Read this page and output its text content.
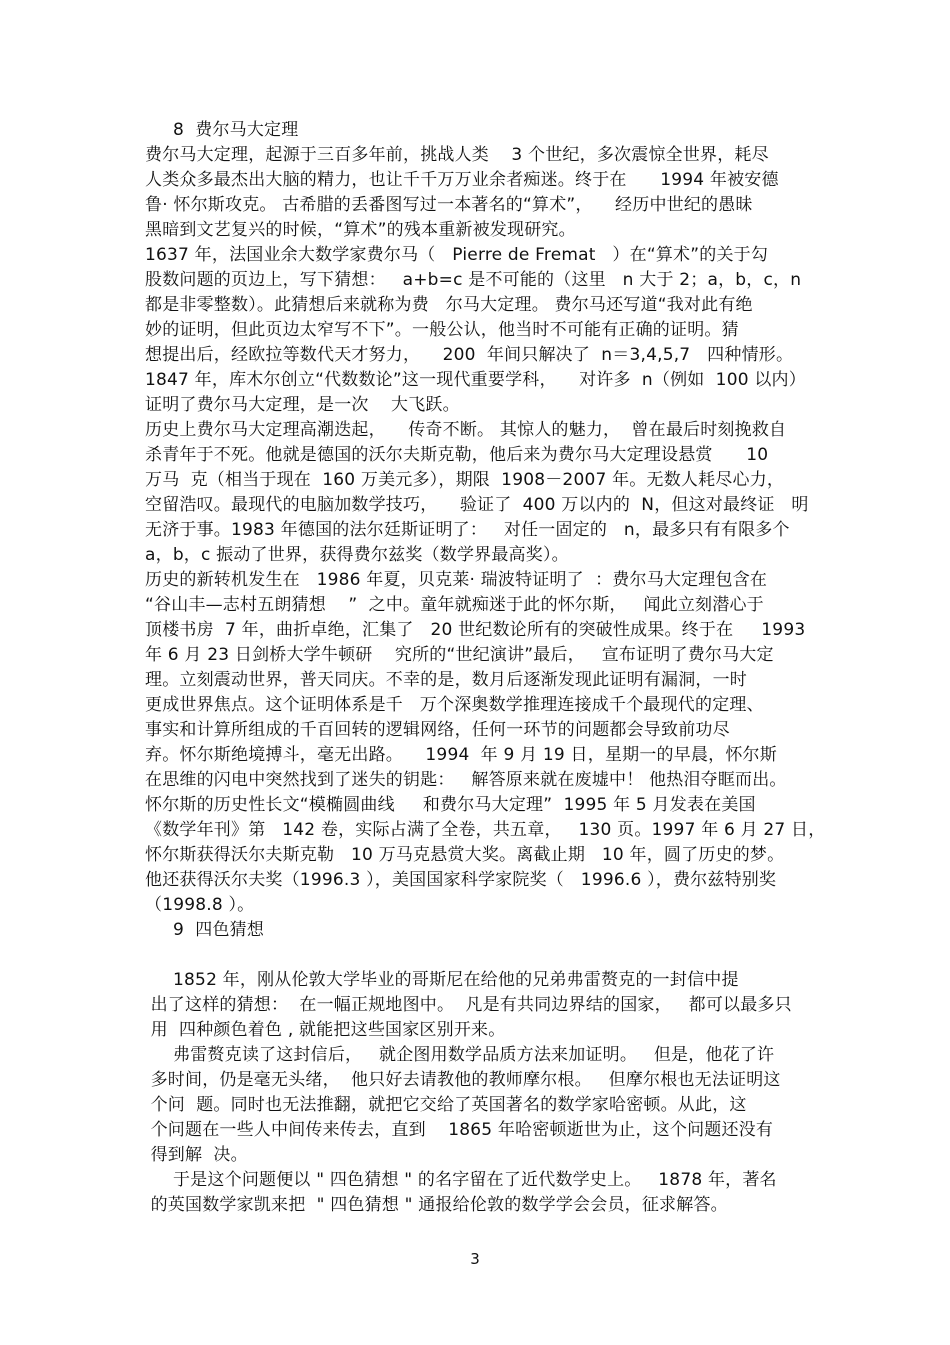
8  费尔马大定理
费尔马大定理，起源于三百多年前，挑战人类    3 个世纪，多次震惊全世界，耗尽
人类众多最杰出大脑的精力，也让千千万万业余者痴迷。终于在      1994 年被安德
鲁· 怀尔斯攻克。 古希腊的丢番图写过一本著名的“算术”，    经历中世纪的愚昧
黑暗到文艺复兴的时候，“算术”的残本重新被发现研究。
1637 年，法国业余大数学家费尔马（   Pierre de Fremat   ）在“算术”的关于勾
股数问题的页边上，写下猜想：   a+b=c 是不可能的（这里   n 大于 2；a，b，c，n
都是非零整数）。此猜想后来就称为费   尔马大定理。 费尔马还写道“我对此有绝
妙的证明，但此页边太窄写不下”。一般公认，他当时不可能有正确的证明。猜
想提出后，经欧拉等数代天才努力，    200  年间只解决了  n＝3,4,5,7   四种情形。
1847 年，库木尔创立“代数数论”这一现代重要学科，    对许多  n（例如  100 以内）
证明了费尔马大定理，是一次    大飞跃。
历史上费尔马大定理高潮迭起，    传奇不断。 其惊人的魅力，  曾在最后时刻挽救自
杀青年于不死。他就是德国的沃尔夫斯克勒，他后来为费尔马大定理设悬赏      10
万马  克（相当于现在  160 万美元多），期限  1908－2007 年。无数人耗尽心力，
空留浩叹。最现代的电脑加数学技巧，    验证了  400 万以内的  N，但这对最终证   明
无济于事。1983 年德国的法尔廷斯证明了：   对任一固定的   n，最多只有有限多个
a，b，c 振动了世界，获得费尔兹奖（数学界最高奖）。
历史的新转机发生在   1986 年夏，贝克莱· 瑞波特证明了  ：费尔马大定理包含在
“谷山丰—志村五朗猜想    ”  之中。童年就痴迷于此的怀尔斯，   闻此立刻潜心于
顶楼书房  7 年，曲折卓绝，汇集了   20 世纪数论所有的突破性成果。终于在     1993
年 6 月 23 日剑桥大学牛顿研    究所的“世纪演讲”最后，   宣布证明了费尔马大定
理。立刻震动世界，普天同庆。不幸的是，数月后逐渐发现此证明有漏洞，一时
更成世界焦点。这个证明体系是千   万个深奥数学推理连接成千个最现代的定理、
事实和计算所组成的千百回转的逻辑网络，任何一环节的问题都会导致前功尽
弃。怀尔斯绝境搏斗，毫无出路。    1994  年 9 月 19 日，星期一的早晨，怀尔斯
在思维的闪电中突然找到了迷失的钥匙：   解答原来就在废墟中！ 他热泪夺眶而出。
怀尔斯的历史性长文“模椭圆曲线     和费尔马大定理”  1995 年 5 月发表在美国
《数学年刊》第   142 卷，实际占满了全卷，共五章，   130 页。1997 年 6 月 27 日，
怀尔斯获得沃尔夫斯克勒   10 万马克悬赏大奖。离截止期   10 年，圆了历史的梦。
他还获得沃尔夫奖（1996.3 ），美国国家科学家院奖（   1996.6 ），费尔兹特别奖
（1998.8 ）。
9  四色猜想
1852 年，刚从伦敦大学毕业的哥斯尼在给他的兄弟弗雷赘克的一封信中提
出了这样的猜想：  在一幅正规地图中。  凡是有共同边界结的国家，   都可以最多只
用  四种颜色着色 , 就能把这些国家区别开来。
弗雷赘克读了这封信后，   就企图用数学品质方法来加证明。   但是，他花了许
多时间，仍是毫无头绪，  他只好去请教他的教师摩尔根。   但摩尔根也无法证明这
个问  题。同时也无法推翻，就把它交给了英国著名的数学家哈密顿。从此，这
个问题在一些人中间传来传去，直到    1865 年哈密顿逝世为止，这个问题还没有
得到解  决。
于是这个问题便以 " 四色猜想 " 的名字留在了近代数学史上。   1878 年，著名
的英国数学家凯来把  " 四色猜想 " 通报给伦敦的数学学会会员，征求解答。
3
